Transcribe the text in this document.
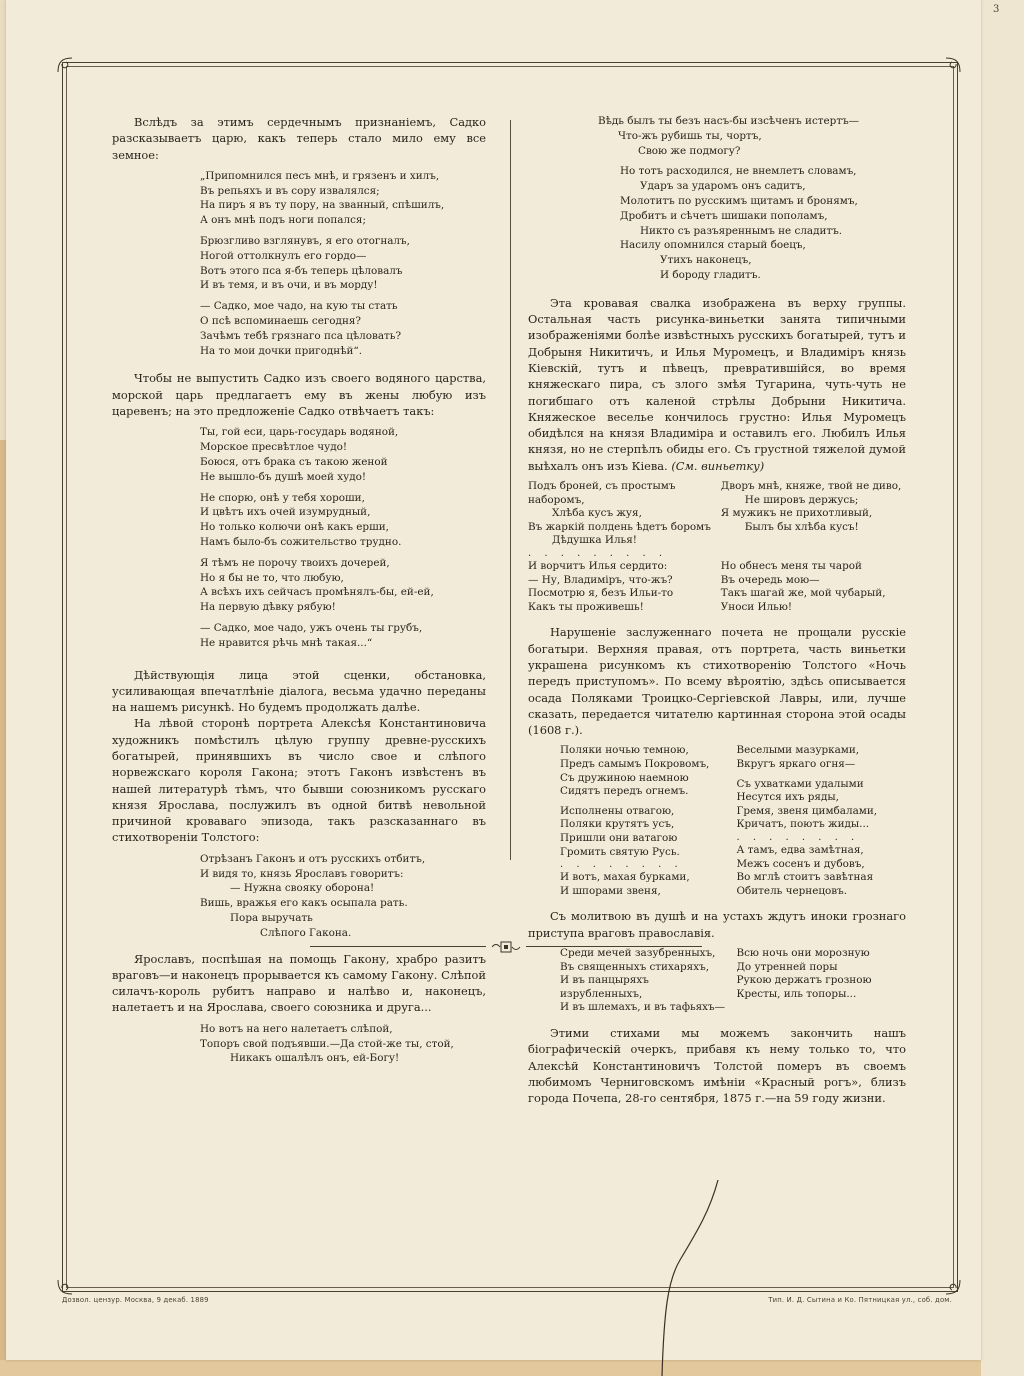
3

Вслѣдъ за этимъ сердечнымъ признаніемъ, Садко разсказываетъ царю, какъ теперь стало мило ему все земное:

„Припомнился песъ мнѣ, и грязенъ и хилъ,
Въ репьяхъ и въ сору извалялся;
На пиръ я въ ту пору, на званный, спѣшилъ,
А онъ мнѣ подъ ноги попался;
Брюзгливо взглянувъ, я его отогналъ,
Ногой оттолкнулъ его гордо—
Вотъ этого пса я-бъ теперь цѣловалъ
И въ темя, и въ очи, и въ морду!
— Садко, мое чадо, на кую ты стать
О псѣ вспоминаешь сегодня?
Зачѣмъ тебѣ грязнаго пса цѣловать?
На то мои дочки пригоднѣй“.

Чтобы не выпустить Садко изъ своего водяного царства, морской царь предлагаетъ ему въ жены любую изъ царевенъ; на это предложеніе Садко отвѣчаетъ такъ:

Ты, гой еси, царь-государь водяной,
Морское пресвѣтлое чудо!
Боюся, отъ брака съ такою женой
Не вышло-бъ душѣ моей худо!
Не спорю, онѣ у тебя хороши,
И цвѣтъ ихъ очей изумрудный,
Но только колючи онѣ какъ ерши,
Намъ было-бъ сожительство трудно.
Я тѣмъ не порочу твоихъ дочерей,
Но я бы не то, что любую,
А всѣхъ ихъ сейчасъ промѣнялъ-бы, ей-ей,
На первую дѣвку рябую!
— Садко, мое чадо, ужъ очень ты грубъ,
Не нравится рѣчь мнѣ такая...“

Дѣйствующія лица этой сценки, обстановка, усиливающая впечатлѣніе діалога, весьма удачно переданы на нашемъ рисункѣ. Но будемъ продолжать далѣе.

На лѣвой сторонѣ портрета Алексѣя Константиновича художникъ помѣстилъ цѣлую группу древне-русскихъ богатырей, принявшихъ въ число свое и слѣпого норвежскаго короля Гакона; этотъ Гаконъ извѣстенъ въ нашей литературѣ тѣмъ, что бывши союзникомъ русскаго князя Ярослава, послужилъ въ одной битвѣ невольной причиной кроваваго эпизода, такъ разсказаннаго въ стихотвореніи Толстого:

Отрѣзанъ Гаконъ и отъ русскихъ отбитъ,
И видя то, князь Ярославъ говоритъ:
— Нужна свояку оборона!
Вишь, вражья его какъ осыпала рать.
Пора выручать
Слѣпого Гакона.

Ярославъ, поспѣшая на помощь Гакону, храбро разитъ враговъ—и наконецъ прорывается къ самому Гакону. Слѣпой силачъ-король рубитъ направо и налѣво и, наконецъ, налетаетъ и на Ярослава, своего союзника и друга...

Но вотъ на него налетаетъ слѣпой,
Топоръ свой подъявши.—Да стой-же ты, стой,
Никакъ ошалѣлъ онъ, ей-Богу!
Вѣдь былъ ты безъ насъ-бы изсѣченъ истертъ—
Что-жъ рубишь ты, чортъ,
Свою же подмогу?
Но тотъ расходился, не внемлетъ словамъ,
Ударъ за ударомъ онъ садитъ,
Молотитъ по русскимъ щитамъ и бронямъ,
Дробитъ и сѣчетъ шишаки пополамъ,
Никто съ разъяреннымъ не сладитъ.
Насилу опомнился старый боецъ,
Утихъ наконецъ,
И бороду гладитъ.

Эта кровавая свалка изображена въ верху группы. Остальная часть рисунка-виньетки занята типичными изображеніями болѣе извѣстныхъ русскихъ богатырей, тутъ и Добрыня Никитичъ, и Илья Муромецъ, и Владиміръ князь Кіевскій, тутъ и пѣвецъ, превратившійся, во время княжескаго пира, съ злого змѣя Тугарина, чуть-чуть не погибшаго отъ каленой стрѣлы Добрыни Никитича. Княжеское веселье кончилось грустно: Илья Муромецъ обидѣлся на князя Владиміра и оставилъ его. Любилъ Илья князя, но не стерпѣлъ обиды его. Съ грустной тяжелой думой выѣхалъ онъ изъ Кіева. (См. виньетку)

Подъ броней, съ простымъ наборомъ,
Хлѣба кусъ жуя,
Въ жаркій полдень ѣдетъ боромъ
Дѣдушка Илья!
Дворъ мнѣ, княже, твой не диво,
Не шировъ держусь;
Я мужикъ не прихотливый,
Былъ бы хлѣба кусъ!
. . . . . . . . .
И ворчитъ Илья сердито:
— Ну, Владиміръ, что-жъ?
Посмотрю я, безъ Ильи-то
Какъ ты проживешь!
Но обнесъ меня ты чарой
Въ очередь мою—
Такъ шагай же, мой чубарый,
Уноси Илью!

Нарушеніе заслуженнаго почета не прощали русскіе богатыри. Верхняя правая, отъ портрета, часть виньетки украшена рисункомъ къ стихотворенію Толстого «Ночь передъ приступомъ». По всему вѣроятію, здѣсь описывается осада Поляками Троицко-Сергіевской Лавры, или, лучше сказать, передается читателю картинная сторона этой осады (1608 г.).

Поляки ночью темною,
Предъ самымъ Покровомъ,
Съ дружиною наемною
Сидятъ передъ огнемъ.
Исполнены отвагою,
Поляки крутятъ усъ,
Пришли они ватагою
Громить святую Русь.
. . . . . . . .
И вотъ, махая бурками,
И шпорами звеня,
Веселыми мазурками,
Вкругъ яркаго огня—
Съ ухватками удалыми
Несутся ихъ ряды,
Гремя, звеня цимбалами,
Кричатъ, поютъ жиды...
. . . . . . . .
А тамъ, едва замѣтная,
Межъ сосенъ и дубовъ,
Во мглѣ стоитъ завѣтная
Обитель чернецовъ.

Съ молитвою въ душѣ и на устахъ ждутъ иноки грознаго приступа враговъ православія.

Среди мечей зазубренныхъ,
Въ священныхъ стихаряхъ,
И въ панцыряхъ изрубленныхъ,
И въ шлемахъ, и въ тафьяхъ—
Всю ночь они морозную
До утренней поры
Рукою держатъ грозною
Кресты, иль топоры...

Этими стихами мы можемъ закончить нашъ біографическій очеркъ, прибавя къ нему только то, что Алексѣй Константиновичъ Толстой померъ въ своемъ любимомъ Черниговскомъ имѣніи «Красный рогъ», близъ города Почепа, 28-го сентября, 1875 г.—на 59 году жизни.

Дозвол. цензур. Москва, 9 декаб. 1889	Тип. И. Д. Сытина и Ко. Пятницкая ул., соб. дом.
